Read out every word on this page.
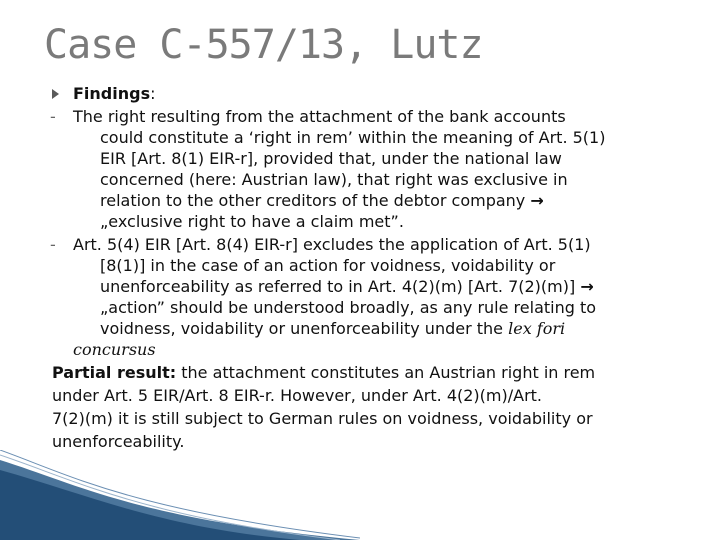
Case C-557/13, Lutz
Findings:
- The right resulting from the attachment of the bank accounts
could constitute a ‘right in rem’ within the meaning of Art. 5(1)
EIR [Art. 8(1) EIR-r], provided that, under the national law
concerned (here: Austrian law), that right was exclusive in
relation to the other creditors of the debtor company →
„exclusive right to have a claim met”.
- Art. 5(4) EIR [Art. 8(4) EIR-r] excludes the application of Art. 5(1)
[8(1)] in the case of an action for voidness, voidability or
unenforceability as referred to in Art. 4(2)(m) [Art. 7(2)(m)] →
„action” should be understood broadly, as any rule relating to
voidness, voidability or unenforceability under the lex fori
concursus
Partial result: the attachment constitutes an Austrian right in rem
under Art. 5 EIR/Art. 8 EIR-r. However, under Art. 4(2)(m)/Art.
7(2)(m) it is still subject to German rules on voidness, voidability or
unenforceability.
